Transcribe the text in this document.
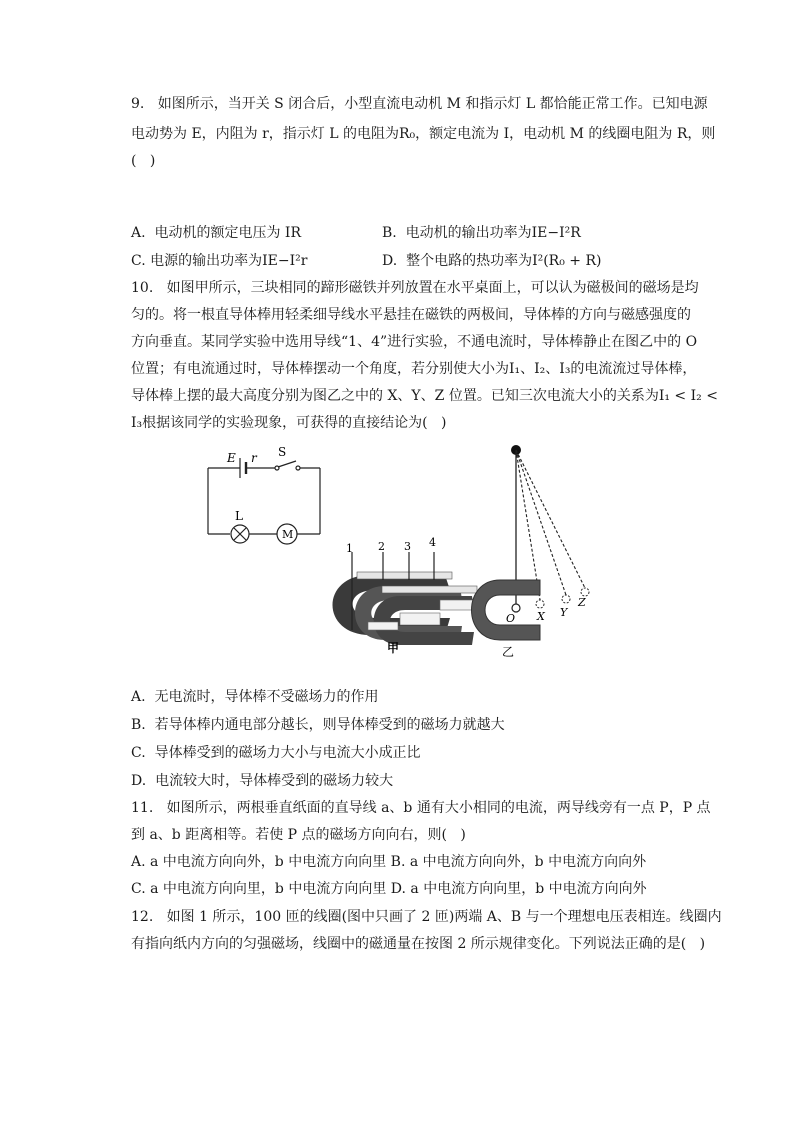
9.   如图所示，当开关 S 闭合后，小型直流电动机 M 和指示灯 L 都恰能正常工作。已知电源
电动势为 E，内阻为 r，指示灯 L 的电阻为R₀，额定电流为 I，电动机 M 的线圈电阻为 R，则
(   )
A.  电动机的额定电压为 IR	B.  电动机的输出功率为IE−I²R
C. 电源的输出功率为IE−I²r	D.  整个电路的热功率为I²(R₀ + R)
10.   如图甲所示，三块相同的蹄形磁铁并列放置在水平桌面上，可以认为磁极间的磁场是均
匀的。将一根直导体棒用轻柔细导线水平悬挂在磁铁的两极间，导体棒的方向与磁感强度的
方向垂直。某同学实验中选用导线“1、4”进行实验，不通电流时，导体棒静止在图乙中的 O
位置；有电流通过时，导体棒摆动一个角度，若分别使大小为I₁、I₂、I₃的电流流过导体棒，
导体棒上摆的最大高度分别为图乙之中的 X、Y、Z 位置。已知三次电流大小的关系为I₁ < I₂ <
I₃根据该同学的实验现象，可获得的直接结论为(   )
E r S
L
M
1 2 3 4
甲
O X Y
Z
乙
A.  无电流时，导体棒不受磁场力的作用
B.  若导体棒内通电部分越长，则导体棒受到的磁场力就越大
C.  导体棒受到的磁场力大小与电流大小成正比
D.  电流较大时，导体棒受到的磁场力较大
11.   如图所示，两根垂直纸面的直导线 a、b 通有大小相同的电流，两导线旁有一点 P，P 点
到 a、b 距离相等。若使 P 点的磁场方向向右，则(   )
A. a 中电流方向向外，b 中电流方向向里 B. a 中电流方向向外，b 中电流方向向外
C. a 中电流方向向里，b 中电流方向向里 D. a 中电流方向向里，b 中电流方向向外
12.   如图 1 所示，100 匝的线圈(图中只画了 2 匝)两端 A、B 与一个理想电压表相连。线圈内
有指向纸内方向的匀强磁场，线圈中的磁通量在按图 2 所示规律变化。下列说法正确的是(   )
